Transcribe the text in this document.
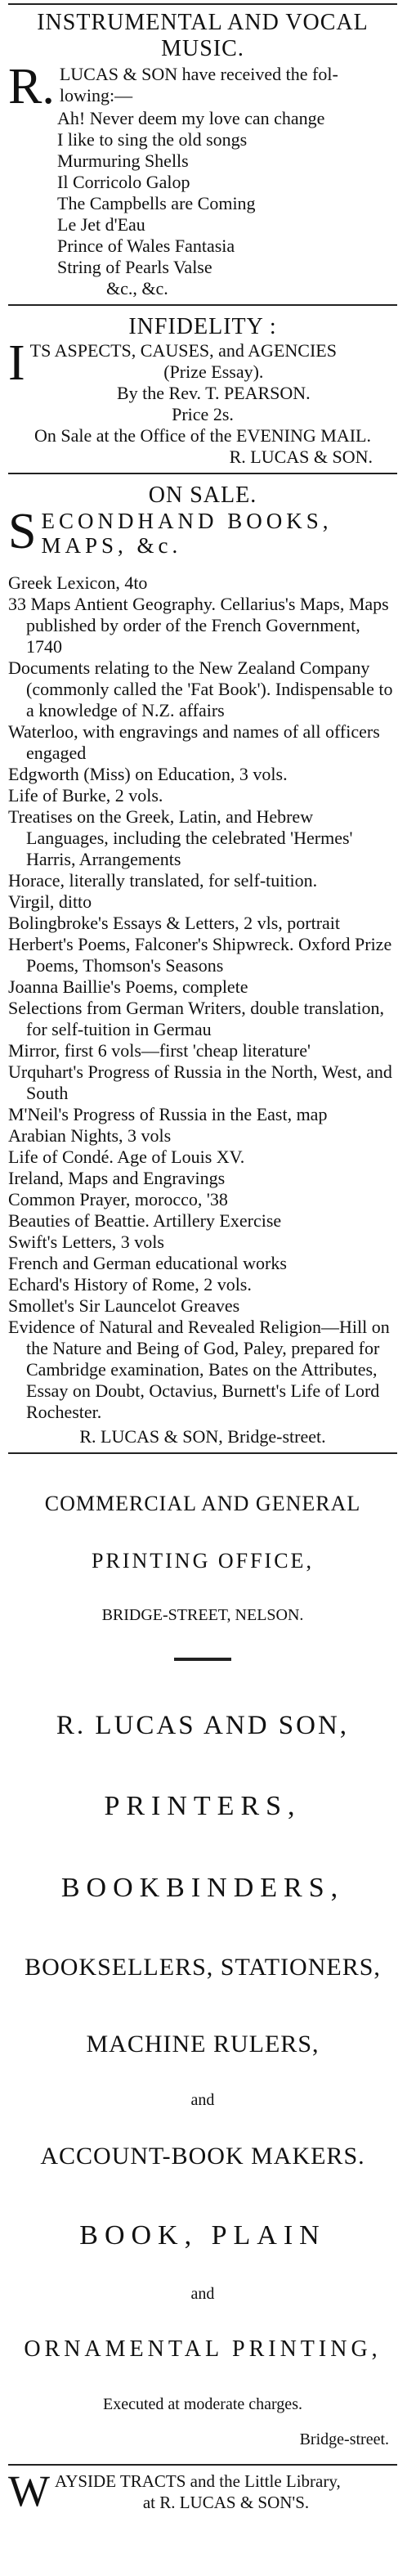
INSTRUMENTAL AND VOCAL
MUSIC.
R. LUCAS & SON have received the fol-
lowing:—
Ah! Never deem my love can change
I like to sing the old songs
Murmuring Shells
Il Corricolo Galop
The Campbells are Coming
Le Jet d'Eau
Prince of Wales Fantasia
String of Pearls Valse
&c., &c.
INFIDELITY :
I TS ASPECTS, CAUSES, and AGENCIES
(Prize Essay).
By the Rev. T. PEARSON.
Price 2s.
On Sale at the Office of the EVENING MAIL.
R. LUCAS & SON.
ON SALE.
S ECONDHAND BOOKS, MAPS, &c.
Greek Lexicon, 4to
33 Maps Antient Geography. Cellarius's Maps, Maps published by order of the French Government, 1740
Documents relating to the New Zealand Company (commonly called the 'Fat Book'). Indispensable to a knowledge of N.Z. affairs
Waterloo, with engravings and names of all officers engaged
Edgworth (Miss) on Education, 3 vols.
Life of Burke, 2 vols.
Treatises on the Greek, Latin, and Hebrew Languages, including the celebrated 'Hermes' Harris, Arrangements
Horace, literally translated, for self-tuition.
Virgil, ditto
Bolingbroke's Essays & Letters, 2 vls, portrait
Herbert's Poems, Falconer's Shipwreck. Oxford Prize Poems, Thomson's Seasons
Joanna Baillie's Poems, complete
Selections from German Writers, double translation, for self-tuition in Germau
Mirror, first 6 vols—first 'cheap literature'
Urquhart's Progress of Russia in the North, West, and South
M'Neil's Progress of Russia in the East, map
Arabian Nights, 3 vols
Life of Condé. Age of Louis XV.
Ireland, Maps and Engravings
Common Prayer, morocco, '38
Beauties of Beattie. Artillery Exercise
Swift's Letters, 3 vols
French and German educational works
Echard's History of Rome, 2 vols.
Smollet's Sir Launcelot Greaves
Evidence of Natural and Revealed Religion—Hill on the Nature and Being of God, Paley, prepared for Cambridge examination, Bates on the Attributes, Essay on Doubt, Octavius, Burnett's Life of Lord Rochester.
R. LUCAS & SON, Bridge-street.
COMMERCIAL AND GENERAL
PRINTING OFFICE,
BRIDGE-STREET, NELSON.
R. LUCAS AND SON,
PRINTERS,
BOOKBINDERS,
BOOKSELLERS, STATIONERS,
MACHINE RULERS,
and
ACCOUNT-BOOK MAKERS.
BOOK, PLAIN
and
ORNAMENTAL PRINTING,
Executed at moderate charges.
Bridge-street.
W AYSIDE TRACTS and the Little Library,
at R. LUCAS & SON'S.
